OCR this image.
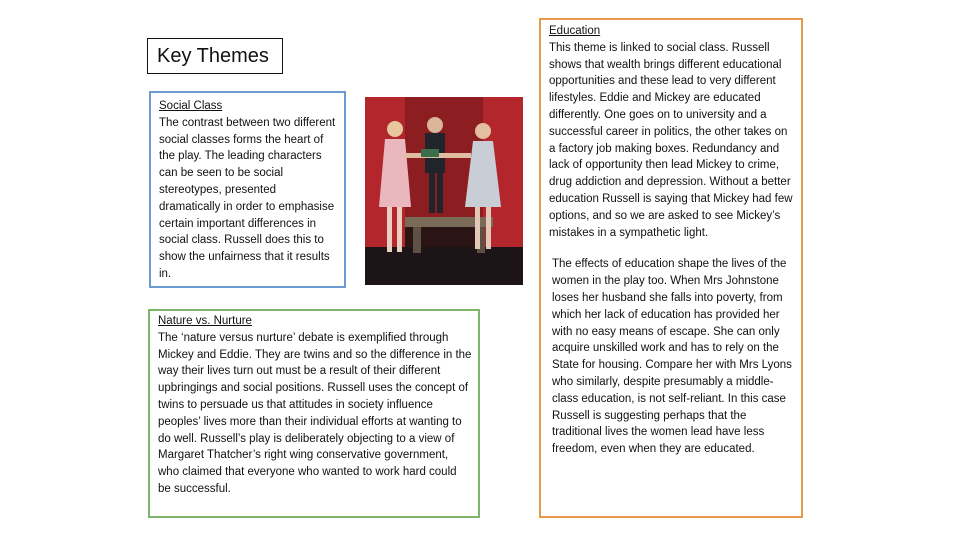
Key Themes
Social Class
The contrast between two different social classes forms the heart of the play. The leading characters can be seen to be social stereotypes, presented dramatically in order to emphasise certain important differences in social class. Russell does this to show the unfairness that it results in.
Nature vs. Nurture
The ‘nature versus nurture’ debate is exemplified through Mickey and Eddie. They are twins and so the difference in the way their lives turn out must be a result of their different upbringings and social positions. Russell uses the concept of twins to persuade us that attitudes in society influence peoples’ lives more than their individual efforts at wanting to do well. Russell’s play is deliberately objecting to a view of Margaret Thatcher’s right wing conservative government, who claimed that everyone who wanted to work hard could be successful.
Education
This theme is linked to social class. Russell shows that wealth brings different educational opportunities and these lead to very different lifestyles. Eddie and Mickey are educated differently. One goes on to university and a successful career in politics, the other takes on a factory job making boxes. Redundancy and lack of opportunity then lead Mickey to crime, drug addiction and depression. Without a better education Russell is saying that Mickey had few options, and so we are asked to see Mickey’s mistakes in a sympathetic light.
The effects of education shape the lives of the women in the play too. When Mrs Johnstone loses her husband she falls into poverty, from which her lack of education has provided her with no easy means of escape. She can only acquire unskilled work and has to rely on the State for housing. Compare her with Mrs Lyons who similarly, despite presumably a middle-class education, is not self-reliant. In this case Russell is suggesting perhaps that the traditional lives the women lead have less freedom, even when they are educated.
